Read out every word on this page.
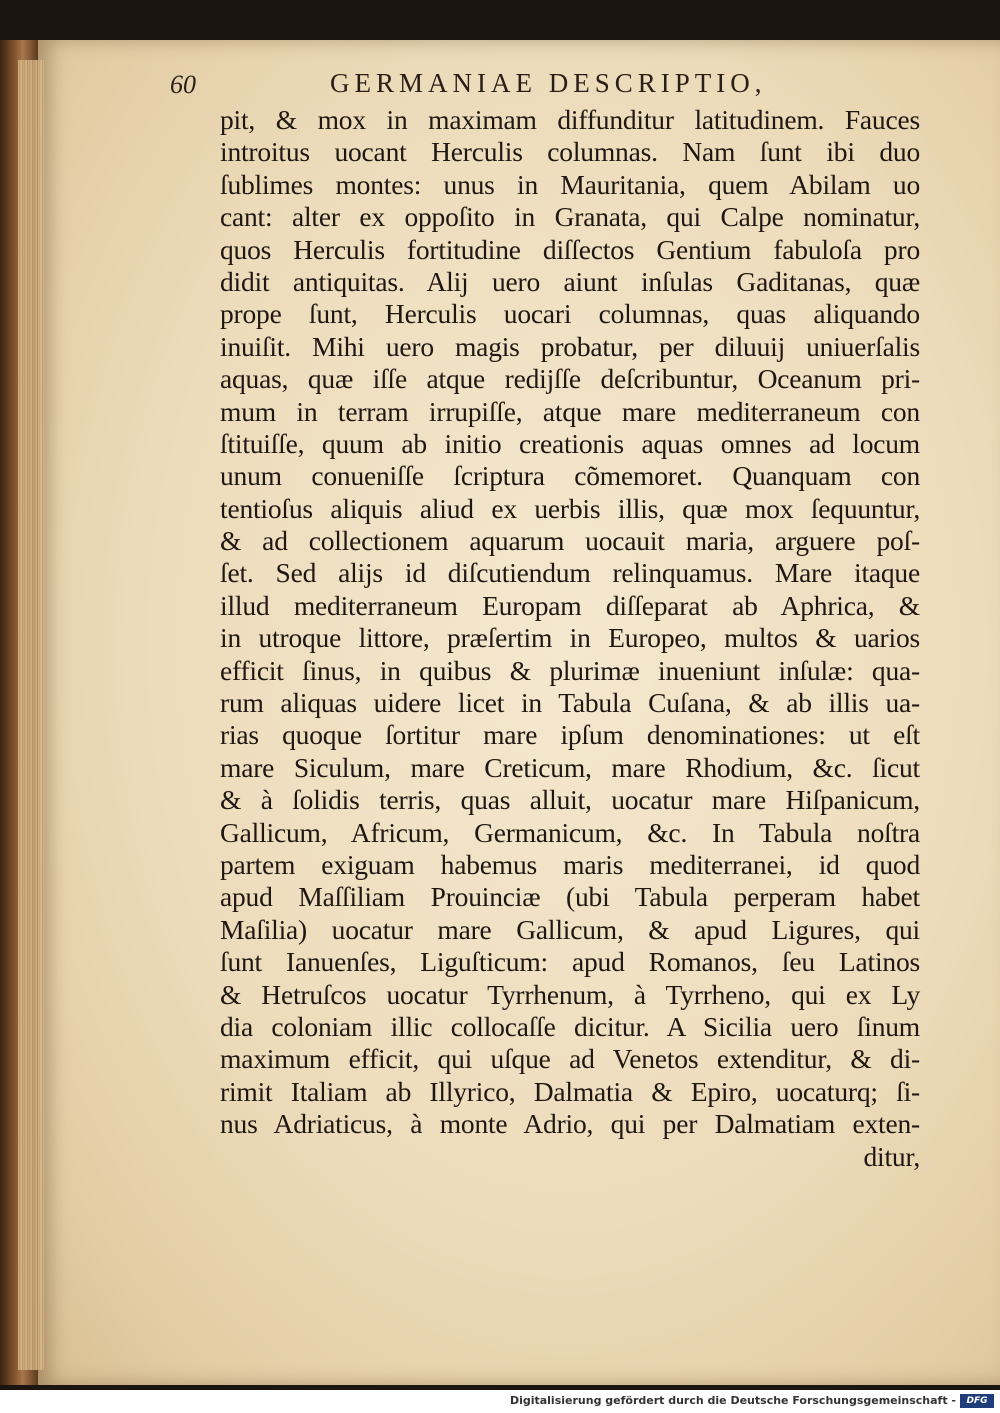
60	GERMANIAE DESCRIPTIO,
pit, & mox in maximam diffunditur latitudinem. Fauces
introitus uocant Herculis columnas. Nam ſunt ibi duo
ſublimes montes: unus in Mauritania, quem Abilam uo
cant: alter ex oppoſito in Granata, qui Calpe nominatur,
quos Herculis fortitudine diſſectos Gentium fabuloſa pro
didit antiquitas. Alij uero aiunt inſulas Gaditanas, quæ
prope ſunt, Herculis uocari columnas, quas aliquando
inuiſit. Mihi uero magis probatur, per diluuij uniuerſalis
aquas, quæ iſſe atque redijſſe deſcribuntur, Oceanum pri-
mum in terram irrupiſſe, atque mare mediterraneum con
ſtituiſſe, quum ab initio creationis aquas omnes ad locum
unum conueniſſe ſcriptura cõmemoret. Quanquam con
tentioſus aliquis aliud ex uerbis illis, quæ mox ſequuntur,
& ad collectionem aquarum uocauit maria, arguere poſ-
ſet. Sed alijs id diſcutiendum relinquamus. Mare itaque
illud mediterraneum Europam diſſeparat ab Aphrica, &
in utroque littore, præſertim in Europeo, multos & uarios
efficit ſinus, in quibus & plurimæ inueniunt inſulæ: qua-
rum aliquas uidere licet in Tabula Cuſana, & ab illis ua-
rias quoque ſortitur mare ipſum denominationes: ut eſt
mare Siculum, mare Creticum, mare Rhodium, &c. ſicut
& à ſolidis terris, quas alluit, uocatur mare Hiſpanicum,
Gallicum, Africum, Germanicum, &c. In Tabula noſtra
partem exiguam habemus maris mediterranei, id quod
apud Maſſiliam Prouinciæ (ubi Tabula perperam habet
Maſilia) uocatur mare Gallicum, & apud Ligures, qui
ſunt Ianuenſes, Liguſticum: apud Romanos, ſeu Latinos
& Hetruſcos uocatur Tyrrhenum, à Tyrrheno, qui ex Ly
dia coloniam illic collocaſſe dicitur. A Sicilia uero ſinum
maximum efficit, qui uſque ad Venetos extenditur, & di-
rimit Italiam ab Illyrico, Dalmatia & Epiro, uocaturq; ſi-
nus Adriaticus, à monte Adrio, qui per Dalmatiam exten-
ditur,
Digitalisierung gefördert durch die Deutsche Forschungsgemeinschaft -	DFG
